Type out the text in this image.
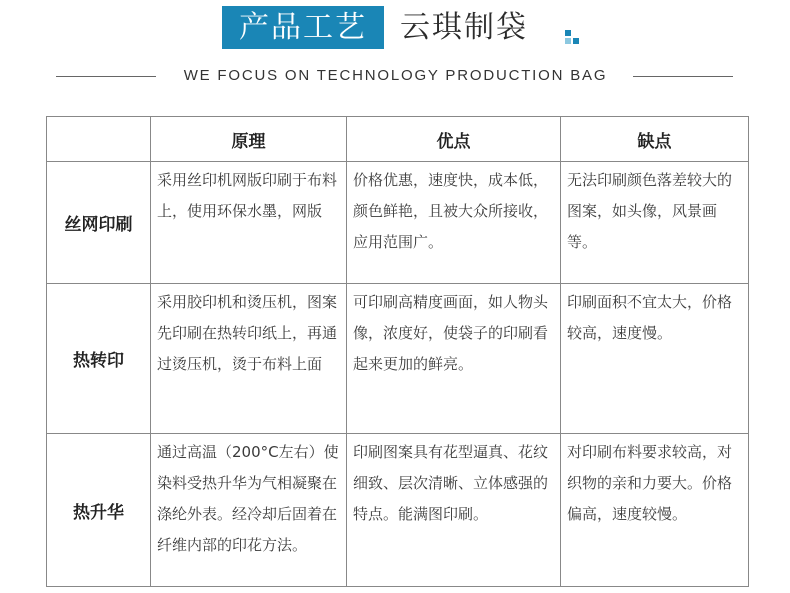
产品工艺	云琪制袋
WE FOCUS ON TECHNOLOGY PRODUCTION BAG
	原理	优点	缺点
丝网印刷	采用丝印机网版印刷于布料上，使用环保水墨，网版	价格优惠，速度快，成本低，颜色鲜艳，且被大众所接收，应用范围广。	无法印刷颜色落差较大的图案，如头像，风景画等。
热转印	采用胶印机和烫压机，图案先印刷在热转印纸上，再通过烫压机，烫于布料上面	可印刷高精度画面，如人物头像，浓度好，使袋子的印刷看起来更加的鲜亮。	印刷面积不宜太大，价格较高，速度慢。
热升华	通过高温（200°C左右）使染料受热升华为气相凝聚在涤纶外表。经冷却后固着在纤维内部的印花方法。	印刷图案具有花型逼真、花纹细致、层次清晰、立体感强的特点。能满图印刷。	对印刷布料要求较高，对织物的亲和力要大。价格偏高，速度较慢。
